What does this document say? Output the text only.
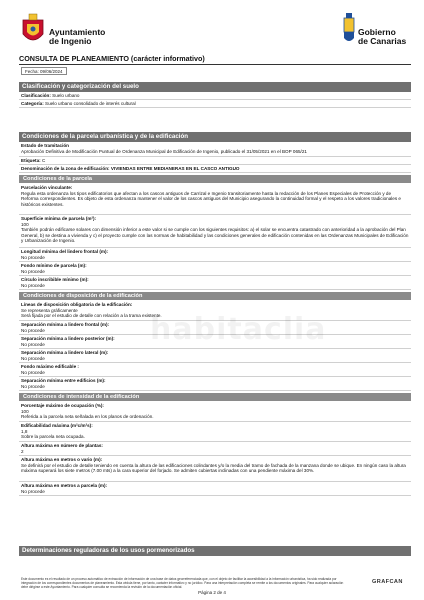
Ayuntamiento
de Ingenio
Gobierno
de Canarias
CONSULTA DE PLANEAMIENTO (carácter informativo)
Fecha: 09/06/2024
Clasificación y categorización del suelo
Clasificación: Suelo urbano
Categoría: Suelo urbano consolidado de interés cultural
Condiciones de la parcela urbanística y de la edificación
Estado de tramitación
Aprobación Definitiva de Modificación Puntual de Ordenanza Municipal de Edificación de Ingenio, publicado el 31/05/2021 en el BOP 065/21
Etiqueta: C
Denominación de la zona de edificación: VIVIENDAS ENTRE MEDIANERAS EN EL CASCO ANTIGUO
Condiciones de la parcela
Parcelación vinculante:
Regula esta ordenanza los tipos edificatorios que afectan a los cascos antiguos de Carrizal e Ingenio transitoriamente hasta la redacción de los Planes Especiales de Protección y de Reforma correspondientes. Es objeto de esta ordenanza mantener el valor de los cascos antiguos del Municipio asegurando la continuidad formal y el respeto a los valores tradicionales e históricos existentes.
Superficie mínima de parcela (m²):
100
También podrán edificarse solares con dimensión inferior a este valor si se cumple con los siguientes requisitos: a) el solar se encuentra catastrado con anterioridad a la aprobación del Plan General, b) se destina a vivienda y c) el proyecto cumple con las normas de habitabilidad y las condiciones generales de edificación contenidas en las Ordenanzas Municipales de Edificación y Urbanización de Ingenio.
Longitud mínima del lindero frontal (m):
No procede
Fondo mínimo de parcela (m):
No procede
Círculo inscribible mínimo (m):
No procede
Condiciones de disposición de la edificación
Líneas de disposición obligatoria de la edificación:
Se representa gráficamente
Será fijada por el estudio de detalle con relación a la trama existente.
Separación mínima a lindero frontal (m):
No procede
Separación mínima a lindero posterior (m):
No procede
Separación mínima a lindero lateral (m):
No procede
Fondo máximo edificable :
No procede
Separación mínima entre edificios (m):
No procede
Condiciones de intensidad de la edificación
Porcentaje máximo de ocupación (%):
100
Referida a la parcela neta señalada en los planos de ordenación.
Edificabilidad máxima (m²c/m²s):
1,8
Sobre la parcela neta ocupada.
Altura máxima en número de plantas:
2
Altura máxima en metros o vario (m):
Se definirá por el estudio de detalle teniendo en cuenta la altura de las edificaciones colindantes y/o la media del tramo de fachada de la manzana donde se ubique. En ningún caso la altura máxima superará los siete metros (7.00 mts) a la cara superior del forjado. Se admiten cubiertas inclinadas con una pendiente máxima del 30%.
Altura máxima en metros a parcela (m):
No procede
Determinaciones reguladoras de los usos pormenorizados
habitaclia
Este documento es el resultado de un proceso automático de extracción de información de una base de datos georreferenciada que, con el objeto de facilitar la accesibilidad a la información urbanística, ha sido realizada por integración de los correspondientes documentos de planeamiento. Esta cédula tiene, por tanto, carácter informativo y no jurídico. Para una interpretación completa se remite a los documentos originales. Para cualquier aclaración debe dirigirse a este Ayuntamiento. Para cualquier consulta se recomienda la revisión de la documentación oficial.
GRAFCAN
Página 2 de 4
